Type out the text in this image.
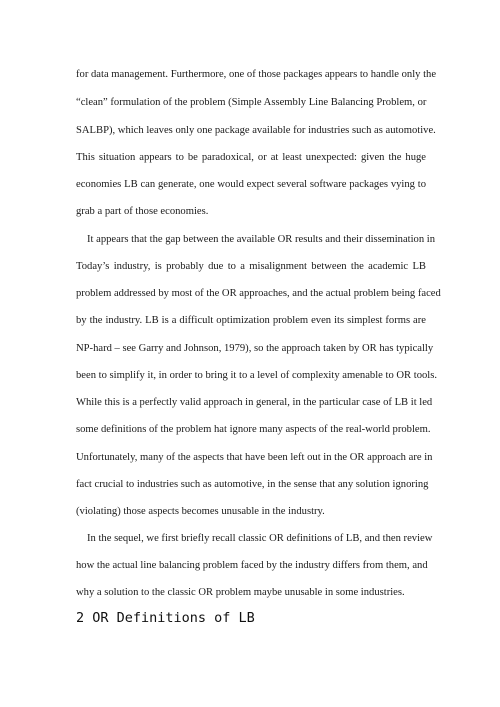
for data management. Furthermore, one of those packages appears to handle only the
“clean” formulation of the problem (Simple Assembly Line Balancing Problem, or
SALBP), which leaves only one package available for industries such as automotive.
This situation appears to be paradoxical, or at least unexpected: given the huge
economies LB can generate, one would expect several software packages vying to
grab a part of those economies.
It appears that the gap between the available OR results and their dissemination in
Today’s industry, is probably due to a misalignment between the academic LB
problem addressed by most of the OR approaches, and the actual problem being faced
by the industry. LB is a difficult optimization problem even its simplest forms are
NP-hard – see Garry and Johnson, 1979), so the approach taken by OR has typically
been to simplify it, in order to bring it to a level of complexity amenable to OR tools.
While this is a perfectly valid approach in general, in the particular case of LB it led
some definitions of the problem hat ignore many aspects of the real-world problem.
Unfortunately, many of the aspects that have been left out in the OR approach are in
fact crucial to industries such as automotive, in the sense that any solution ignoring
(violating) those aspects becomes unusable in the industry.
In the sequel, we first briefly recall classic OR definitions of LB, and then review
how the actual line balancing problem faced by the industry differs from them, and
why a solution to the classic OR problem maybe unusable in some industries.
2 OR Definitions of LB
